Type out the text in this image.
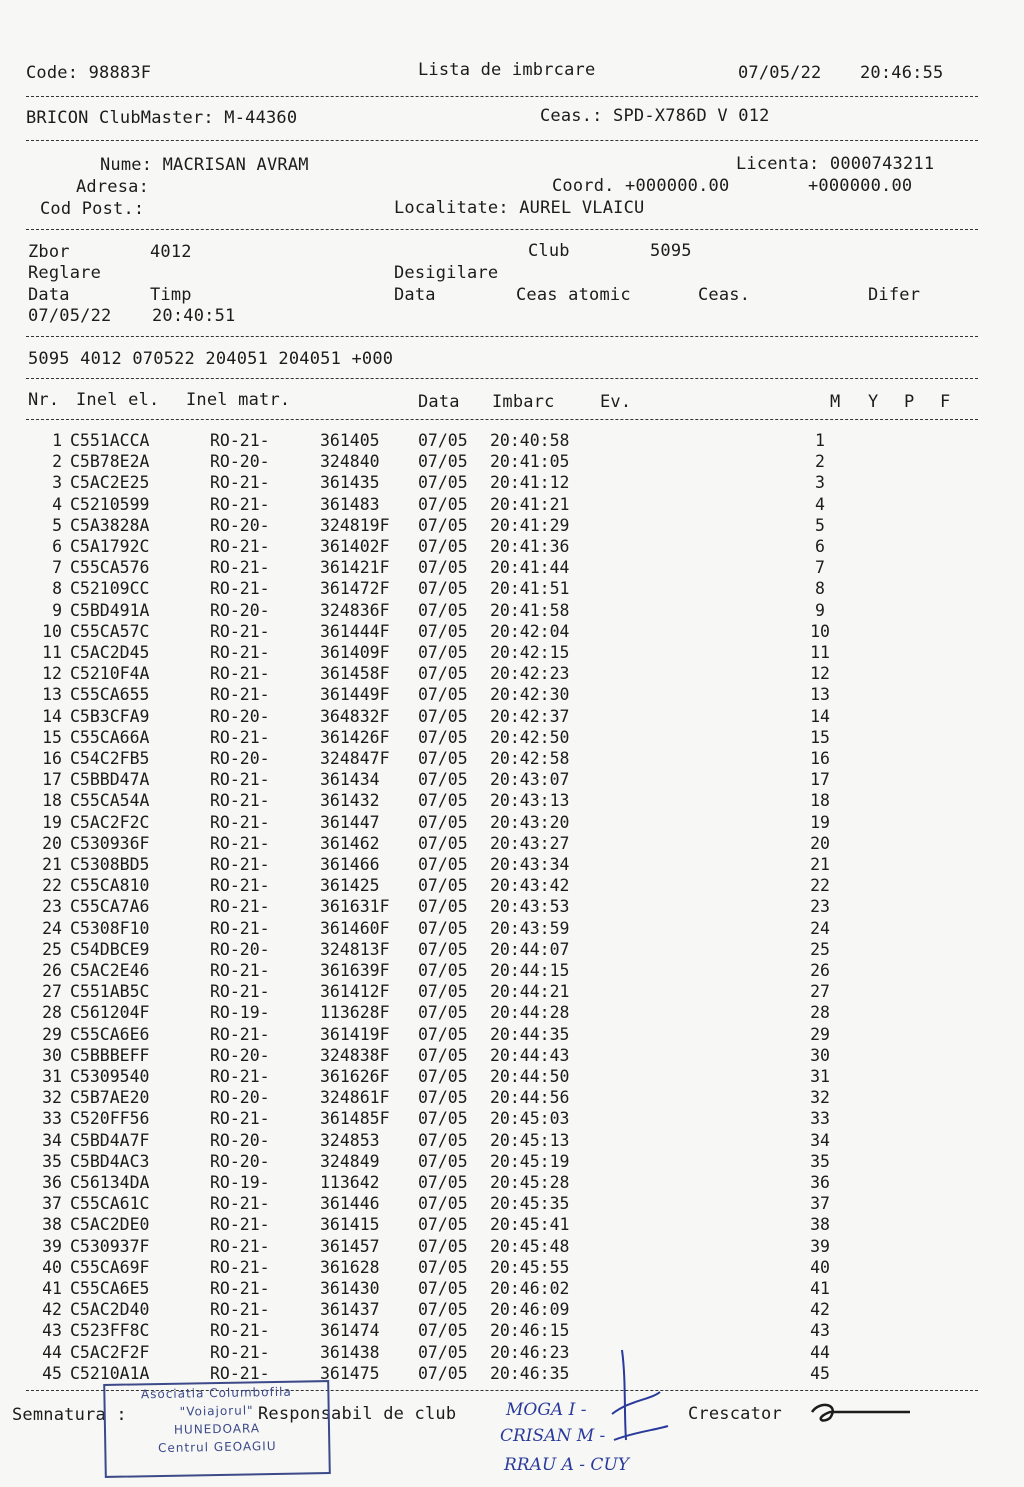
Code: 98883F	Lista de imbrcare	07/05/22 20:46:55
BRICON ClubMaster: M-44360	Ceas.: SPD-X786D V 012
Nume: MACRISAN AVRAM	Licenta: 0000743211
Adresa:	Coord. +000000.00	+000000.00
Cod Post.:	Localitate: AUREL VLAICU
Zbor	4012	Club	5095
Reglare	Desigilare
Data	Timp	Data	Ceas atomic	Ceas.	Difer
07/05/22 20:40:51
5095 4012 070522 204051 204051 +000
Nr. Inel el. Inel matr.	Data Imbarc	Ev.	M Y P F
1 C551ACCA	RO-21-	361405 07/05 20:40:58	1
2 C5B78E2A	RO-20-	324840 07/05 20:41:05	2
3 C5AC2E25	RO-21-	361435 07/05 20:41:12	3
4 C5210599	RO-21-	361483 07/05 20:41:21	4
5 C5A3828A	RO-20-	324819F 07/05 20:41:29	5
6 C5A1792C	RO-21-	361402F 07/05 20:41:36	6
7 C55CA576	RO-21-	361421F 07/05 20:41:44	7
8 C52109CC	RO-21-	361472F 07/05 20:41:51	8
9 C5BD491A	RO-20-	324836F 07/05 20:41:58	9
10 C55CA57C	RO-21-	361444F 07/05 20:42:04	10
11 C5AC2D45	RO-21-	361409F 07/05 20:42:15	11
12 C5210F4A	RO-21-	361458F 07/05 20:42:23	12
13 C55CA655	RO-21-	361449F 07/05 20:42:30	13
14 C5B3CFA9	RO-20-	364832F 07/05 20:42:37	14
15 C55CA66A	RO-21-	361426F 07/05 20:42:50	15
16 C54C2FB5	RO-20-	324847F 07/05 20:42:58	16
17 C5BBD47A	RO-21-	361434 07/05 20:43:07	17
18 C55CA54A	RO-21-	361432 07/05 20:43:13	18
19 C5AC2F2C	RO-21-	361447 07/05 20:43:20	19
20 C530936F	RO-21-	361462 07/05 20:43:27	20
21 C5308BD5	RO-21-	361466 07/05 20:43:34	21
22 C55CA810	RO-21-	361425 07/05 20:43:42	22
23 C55CA7A6	RO-21-	361631F 07/05 20:43:53	23
24 C5308F10	RO-21-	361460F 07/05 20:43:59	24
25 C54DBCE9	RO-20-	324813F 07/05 20:44:07	25
26 C5AC2E46	RO-21-	361639F 07/05 20:44:15	26
27 C551AB5C	RO-21-	361412F 07/05 20:44:21	27
28 C561204F	RO-19-	113628F 07/05 20:44:28	28
29 C55CA6E6	RO-21-	361419F 07/05 20:44:35	29
30 C5BBBEFF	RO-20-	324838F 07/05 20:44:43	30
31 C5309540	RO-21-	361626F 07/05 20:44:50	31
32 C5B7AE20	RO-20-	324861F 07/05 20:44:56	32
33 C520FF56	RO-21-	361485F 07/05 20:45:03	33
34 C5BD4A7F	RO-20-	324853 07/05 20:45:13	34
35 C5BD4AC3	RO-20-	324849 07/05 20:45:19	35
36 C56134DA	RO-19-	113642 07/05 20:45:28	36
37 C55CA61C	RO-21-	361446 07/05 20:45:35	37
38 C5AC2DE0	RO-21-	361415 07/05 20:45:41	38
39 C530937F	RO-21-	361457 07/05 20:45:48	39
40 C55CA69F	RO-21-	361628 07/05 20:45:55	40
41 C55CA6E5	RO-21-	361430 07/05 20:46:02	41
42 C5AC2D40	RO-21-	361437 07/05 20:46:09	42
43 C523FF8C	RO-21-	361474 07/05 20:46:15	43
44 C5AC2F2F	RO-21-	361438 07/05 20:46:23	44
45 C5210A1A	RO-21-	361475 07/05 20:46:35	45
Semnatura :	Responsabil de club	Crescator
Asociatia Columbofila
"Voiajorul"
HUNEDOARA
Centrul GEOAGIU
MOGA I -
CRISAN M -
RRAU A - CUY
